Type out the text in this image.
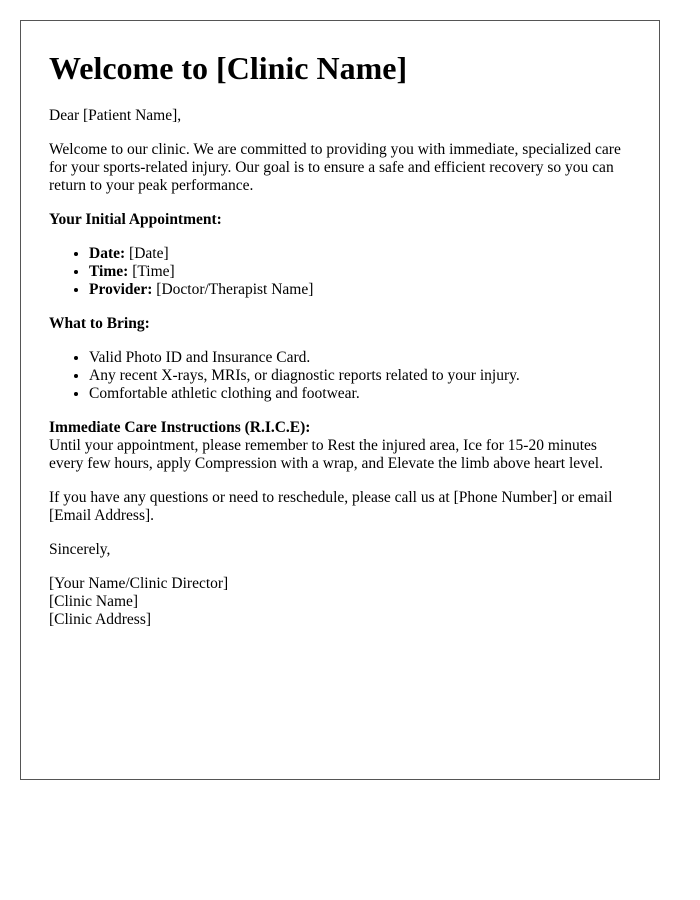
Welcome to [Clinic Name]

Dear [Patient Name],

Welcome to our clinic. We are committed to providing you with immediate, specialized care for your sports-related injury. Our goal is to ensure a safe and efficient recovery so you can return to your peak performance.

Your Initial Appointment:
• Date: [Date]
• Time: [Time]
• Provider: [Doctor/Therapist Name]
What to Bring:
• Valid Photo ID and Insurance Card.
• Any recent X-rays, MRIs, or diagnostic reports related to your injury.
• Comfortable athletic clothing and footwear.
Immediate Care Instructions (R.I.C.E):

Until your appointment, please remember to Rest the injured area, Ice for 15-20 minutes every few hours, apply Compression with a wrap, and Elevate the limb above heart level.

If you have any questions or need to reschedule, please call us at [Phone Number] or email [Email Address].

Sincerely,

[Your Name/Clinic Director]

[Clinic Name]

[Clinic Address]
